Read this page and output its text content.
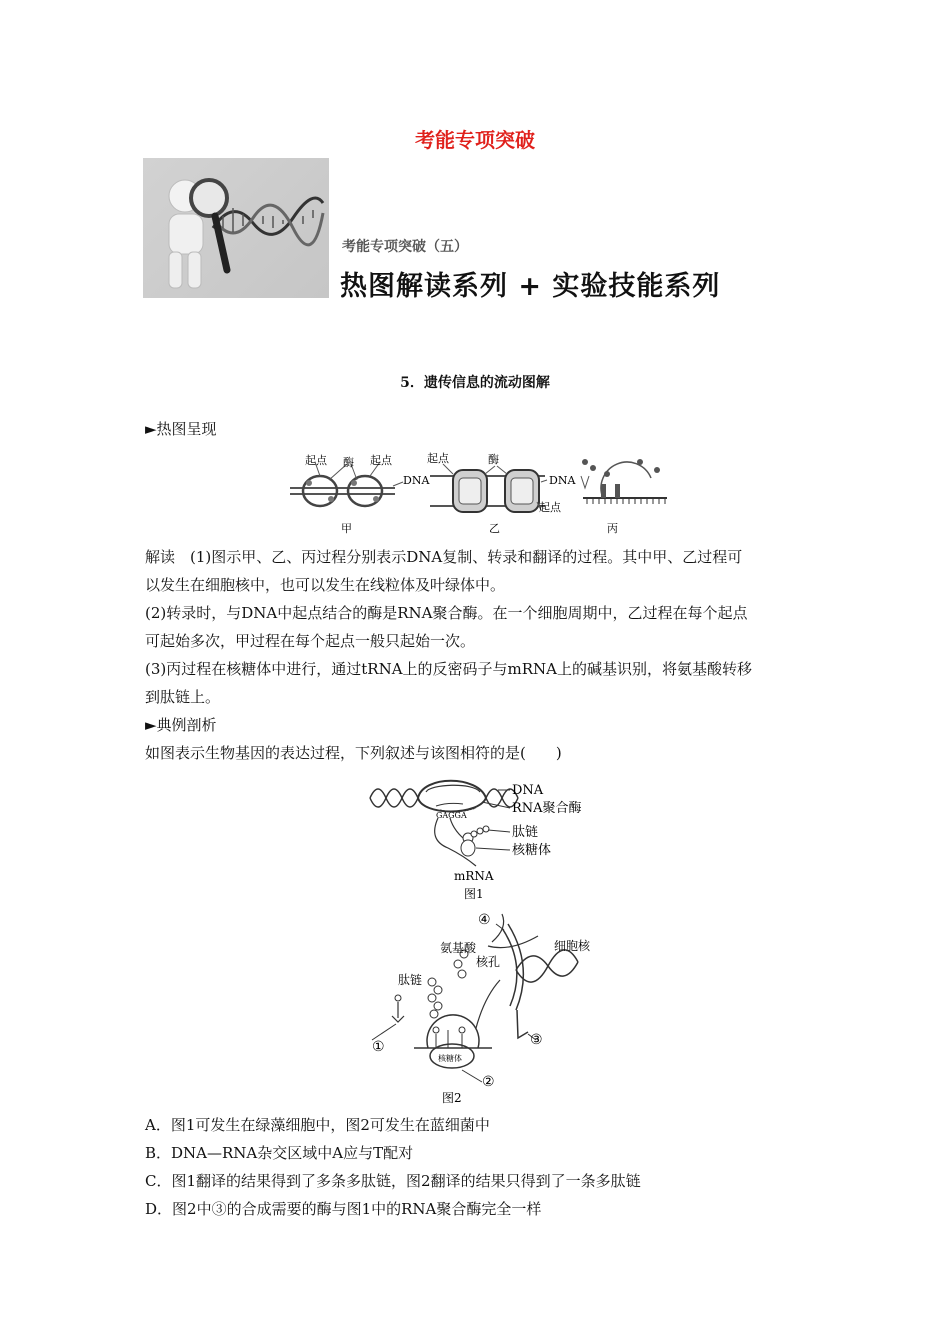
考能专项突破
考能专项突破（五）
热图解读系列 + 实验技能系列
5．遗传信息的流动图解
►热图呈现
起点 酶 起点
DNA
甲
起点	酶
DNA
起点
乙	丙
解读　 (1)图示甲、乙、丙过程分别表示DNA复制、转录和翻译的过程。其中甲、乙过程可
以发生在细胞核中，也可以发生在线粒体及叶绿体中。
(2)转录时，与DNA中起点结合的酶是RNA聚合酶。在一个细胞周期中，乙过程在每个起点
可起始多次，甲过程在每个起点一般只起始一次。
(3)丙过程在核糖体中进行，通过tRNA上的反密码子与mRNA上的碱基识别，将氨基酸转移
到肽链上。
►典例剖析
如图表示生物基因的表达过程，下列叙述与该图相符的是(　　)
GAGGA
DNA
RNA聚合酶
肽链
核糖体
mRNA
图1
①
②
③
④
氨基酸
核孔
细胞核
肽链
核糖体
图2
A．图1可发生在绿藻细胞中，图2可发生在蓝细菌中
B．DNA—RNA杂交区域中A应与T配对
C．图1翻译的结果得到了多条多肽链，图2翻译的结果只得到了一条多肽链
D．图2中③的合成需要的酶与图1中的RNA聚合酶完全一样
